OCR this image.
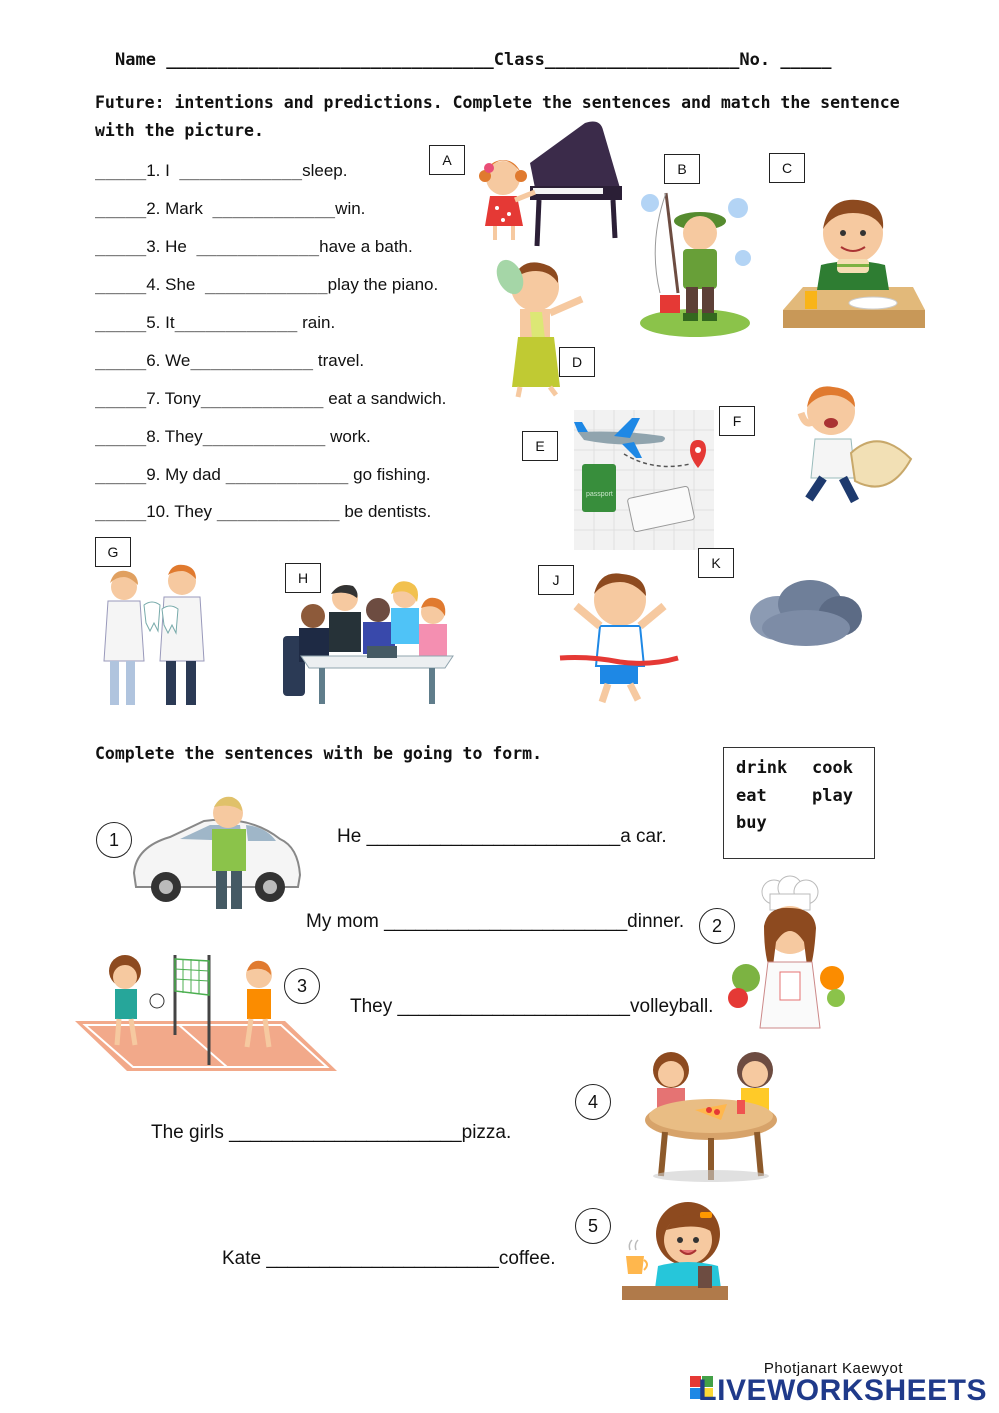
Name ________________________________Class___________________No. _____
Future: intentions and predictions. Complete the sentences and match the sentence with the picture.
_____1. I  ____________sleep.
_____2. Mark  ____________win.
_____3. He  ____________have a bath.
_____4. She  ____________play the piano.
_____5. It____________ rain.
_____6. We____________ travel.
_____7. Tony____________ eat a sandwich.
_____8. They____________ work.
_____9. My dad ____________ go fishing.
_____10. They ____________ be dentists.
A
B	C
D
passport
E
F
G
H	J
K
Complete the sentences with be going to form.
drink cook
eat	play
buy
1	He ________________________a car.
My mom _______________________dinner.	2
3
They ______________________volleyball.
4
The girls ______________________pizza.
5
Kate ______________________coffee.
Photjanart Kaewyot
LIVEWORKSHEETS
